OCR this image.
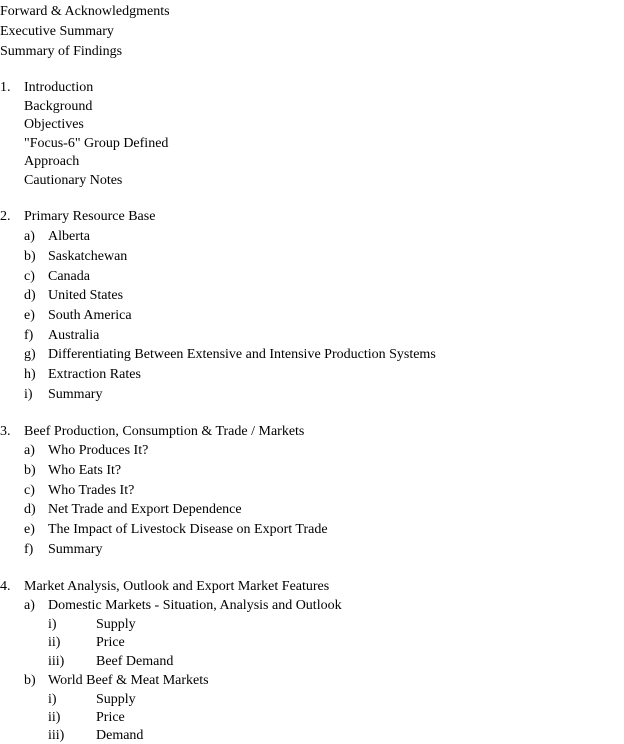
Forward & Acknowledgments
Executive Summary
Summary of Findings
1. Introduction
Background
Objectives
"Focus-6" Group Defined
Approach
Cautionary Notes
2. Primary Resource Base
a) Alberta
b) Saskatchewan
c) Canada
d) United States
e) South America
f) Australia
g) Differentiating Between Extensive and Intensive Production Systems
h) Extraction Rates
i) Summary
3. Beef Production, Consumption & Trade / Markets
a) Who Produces It?
b) Who Eats It?
c) Who Trades It?
d) Net Trade and Export Dependence
e) The Impact of Livestock Disease on Export Trade
f) Summary
4. Market Analysis, Outlook and Export Market Features
a) Domestic Markets - Situation, Analysis and Outlook
i)	Supply
ii)	Price
iii) Beef Demand
b) World Beef & Meat Markets
i)	Supply
ii)	Price
iii) Demand
